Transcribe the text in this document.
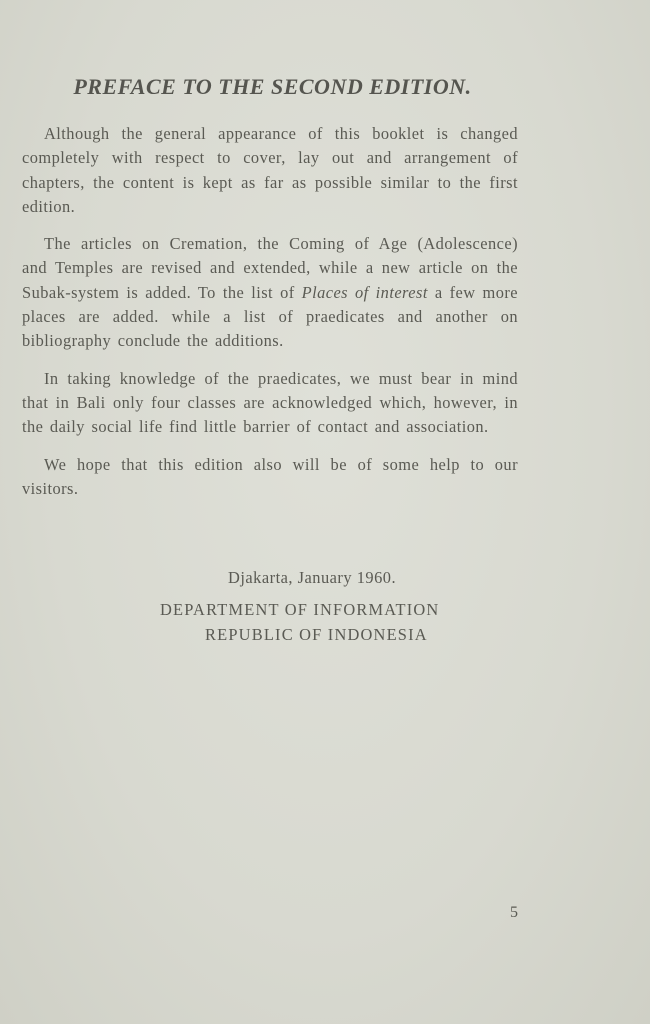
PREFACE TO THE SECOND EDITION.

Although the general appearance of this booklet is changed completely with respect to cover, lay out and arrangement of chapters, the content is kept as far as possible similar to the first edition.

The articles on Cremation, the Coming of Age (Adolescence) and Temples are revised and extended, while a new article on the Subak-system is added. To the list of Places of interest a few more places are added. while a list of praedicates and another on bibliography conclude the additions.

In taking knowledge of the praedicates, we must bear in mind that in Bali only four classes are acknowledged which, however, in the daily social life find little barrier of contact and association.

We hope that this edition also will be of some help to our visitors.

Djakarta, January 1960.
DEPARTMENT OF INFORMATION
REPUBLIC OF INDONESIA
5
